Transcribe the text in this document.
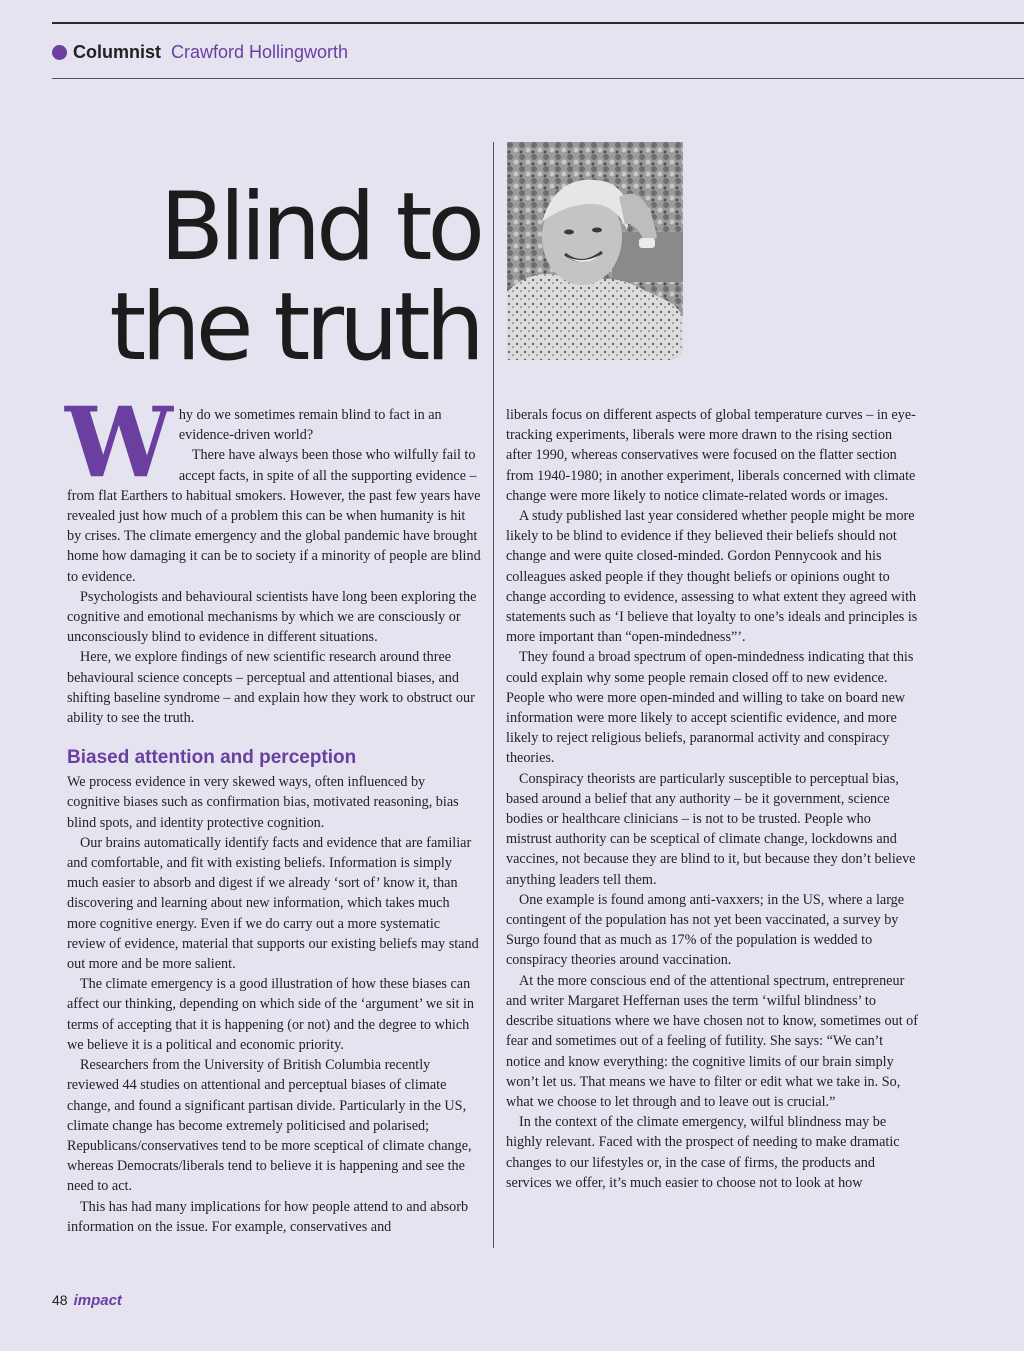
Columnist Crawford Hollingworth
Blind to
the truth
W hy do we sometimes remain blind to fact in an evidence-driven world?

There have always been those who wilfully fail to accept facts, in spite of all the supporting evidence – from flat Earthers to habitual smokers. However, the past few years have revealed just how much of a problem this can be when humanity is hit by crises. The climate emergency and the global pandemic have brought home how damaging it can be to society if a minority of people are blind to evidence.

Psychologists and behavioural scientists have long been exploring the cognitive and emotional mechanisms by which we are consciously or unconsciously blind to evidence in different situations.

Here, we explore findings of new scientific research around three behavioural science concepts – perceptual and attentional biases, and shifting baseline syndrome – and explain how they work to obstruct our ability to see the truth.

Biased attention and perception

We process evidence in very skewed ways, often influenced by cognitive biases such as confirmation bias, motivated reasoning, bias blind spots, and identity protective cognition.

Our brains automatically identify facts and evidence that are familiar and comfortable, and fit with existing beliefs. Information is simply much easier to absorb and digest if we already ‘sort of’ know it, than discovering and learning about new information, which takes much more cognitive energy. Even if we do carry out a more systematic review of evidence, material that supports our existing beliefs may stand out more and be more salient.

The climate emergency is a good illustration of how these biases can affect our thinking, depending on which side of the ‘argument’ we sit in terms of accepting that it is happening (or not) and the degree to which we believe it is a political and economic priority.

Researchers from the University of British Columbia recently reviewed 44 studies on attentional and perceptual biases of climate change, and found a significant partisan divide. Particularly in the US, climate change has become extremely politicised and polarised; Republicans/conservatives tend to be more sceptical of climate change, whereas Democrats/liberals tend to believe it is happening and see the need to act.

This has had many implications for how people attend to and absorb information on the issue. For example, conservatives and

liberals focus on different aspects of global temperature curves – in eye-tracking experiments, liberals were more drawn to the rising section after 1990, whereas conservatives were focused on the flatter section from 1940-1980; in another experiment, liberals concerned with climate change were more likely to notice climate-related words or images.

A study published last year considered whether people might be more likely to be blind to evidence if they believed their beliefs should not change and were quite closed-minded. Gordon Pennycook and his colleagues asked people if they thought beliefs or opinions ought to change according to evidence, assessing to what extent they agreed with statements such as ‘I believe that loyalty to one’s ideals and principles is more important than “open-mindedness”’.

They found a broad spectrum of open-mindedness indicating that this could explain why some people remain closed off to new evidence. People who were more open-minded and willing to take on board new information were more likely to accept scientific evidence, and more likely to reject religious beliefs, paranormal activity and conspiracy theories.

Conspiracy theorists are particularly susceptible to perceptual bias, based around a belief that any authority – be it government, science bodies or healthcare clinicians – is not to be trusted. People who mistrust authority can be sceptical of climate change, lockdowns and vaccines, not because they are blind to it, but because they don’t believe anything leaders tell them.

One example is found among anti-vaxxers; in the US, where a large contingent of the population has not yet been vaccinated, a survey by Surgo found that as much as 17% of the population is wedded to conspiracy theories around vaccination.

At the more conscious end of the attentional spectrum, entrepreneur and writer Margaret Heffernan uses the term ‘wilful blindness’ to describe situations where we have chosen not to know, sometimes out of fear and sometimes out of a feeling of futility. She says: “We can’t notice and know everything: the cognitive limits of our brain simply won’t let us. That means we have to filter or edit what we take in. So, what we choose to let through and to leave out is crucial.”

In the context of the climate emergency, wilful blindness may be highly relevant. Faced with the prospect of needing to make dramatic changes to our lifestyles or, in the case of firms, the products and services we offer, it’s much easier to choose not to look at how

48 impact
